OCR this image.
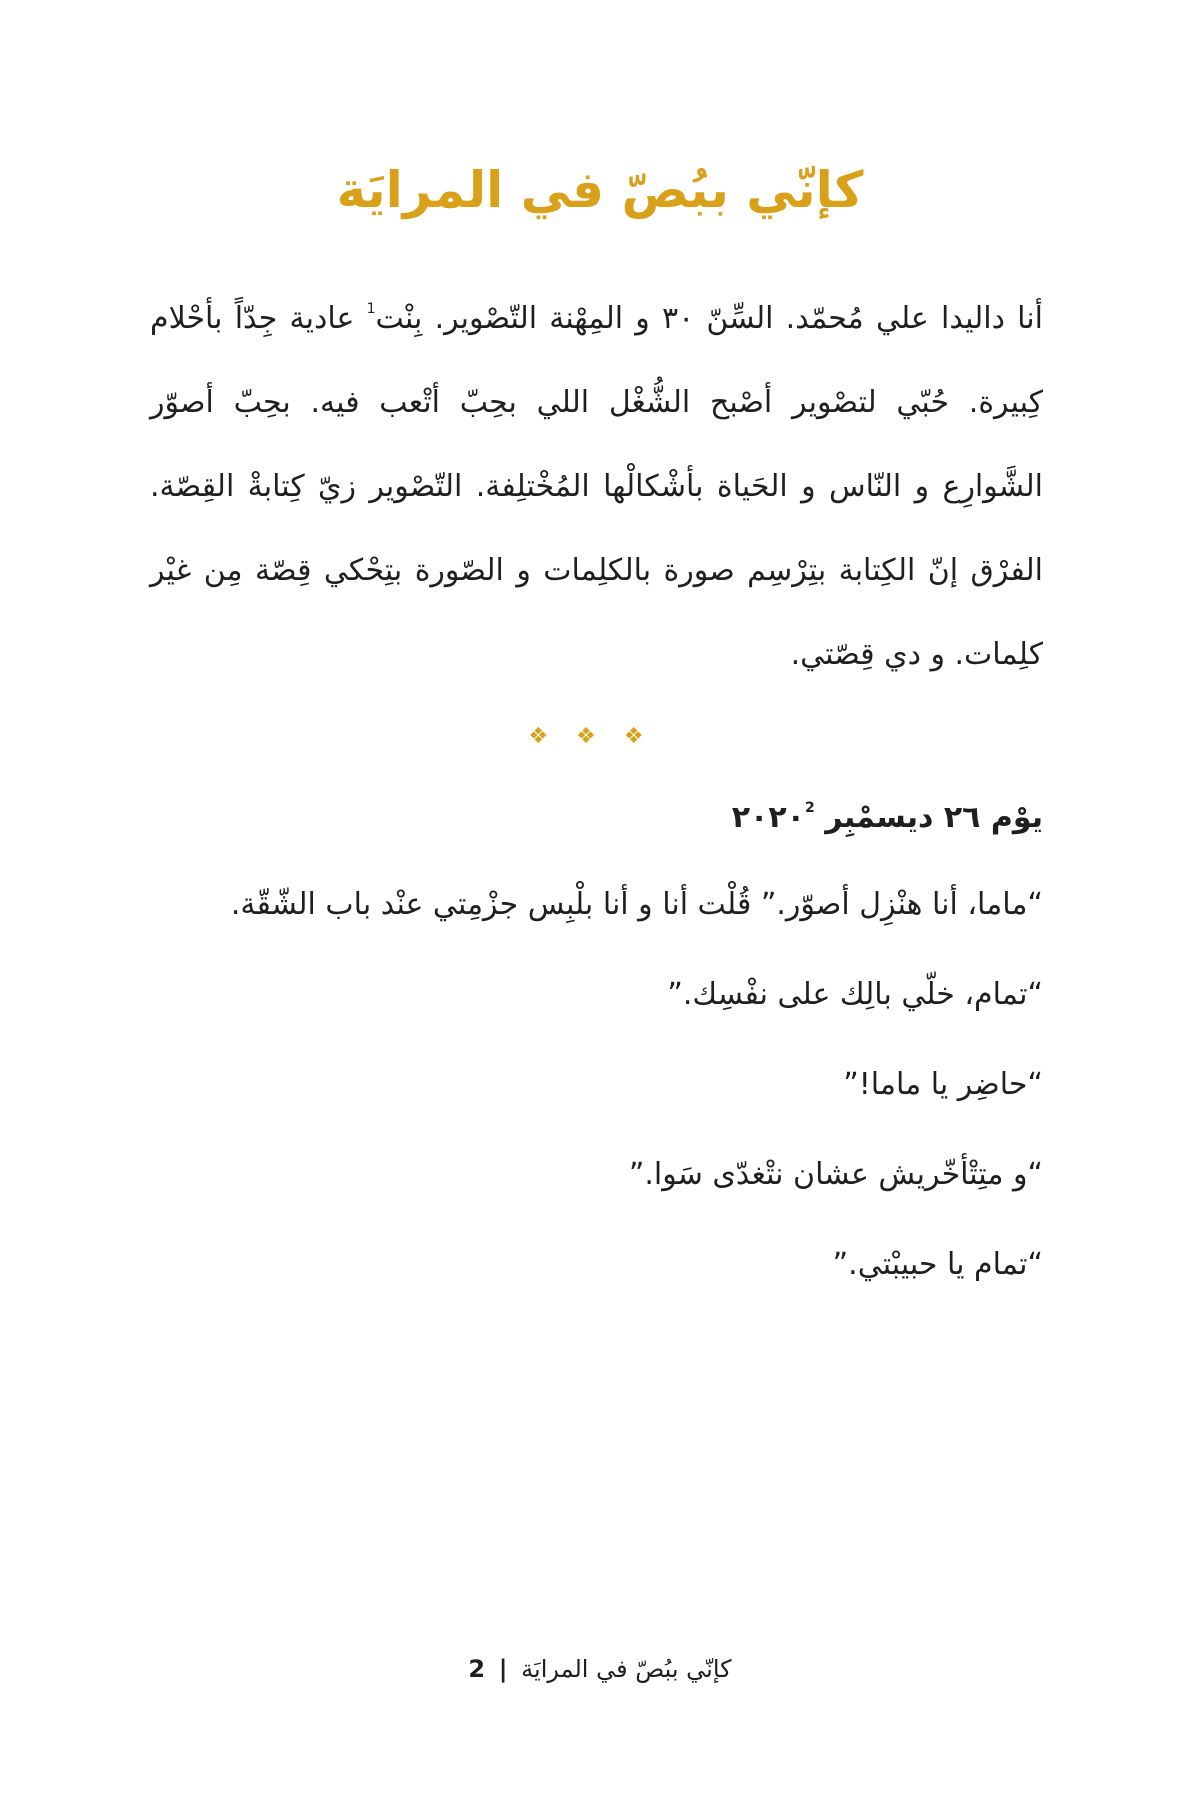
كإنّي ببُصّ في المرايَة

أنا داليدا علي مُحمّد. السِّنّ ٣٠ و المِهْنة التّصْوير. بِنْت$^1$ عادية جِدّاً بأحْلام كِبيرة. حُبّي لتصْوير أصْبح الشُّغْل اللي بحِبّ أتْعب فيه. بحِبّ أصوّر الشَّوارِع و النّاس و الحَياة بأشْكالْها المُخْتلِفة. التّصْوير زيّ كِتابةْ القِصّة. الفرْق إنّ الكِتابة بتِرْسِم صورة بالكلِمات و الصّورة بتِحْكي قِصّة مِن غيْر كلِمات. و دي قِصّتي.

❖❖❖
يوْم ٢٦ ديسمْبِر ٢٠٢٠$^2$
“ماما، أنا هنْزِل أصوّر.” قُلْت أنا و أنا بلْبِس جزْمِتي عنْد باب الشّقّة.
“تمام، خلّي بالِك على نفْسِك.”
“حاضِر يا ماما!”
“و متِتْأخّريش عشان نتْغدّى سَوا.”
“تمام يا حبيبْتي.”
كإنّي ببُصّ في المرايَة | 2
